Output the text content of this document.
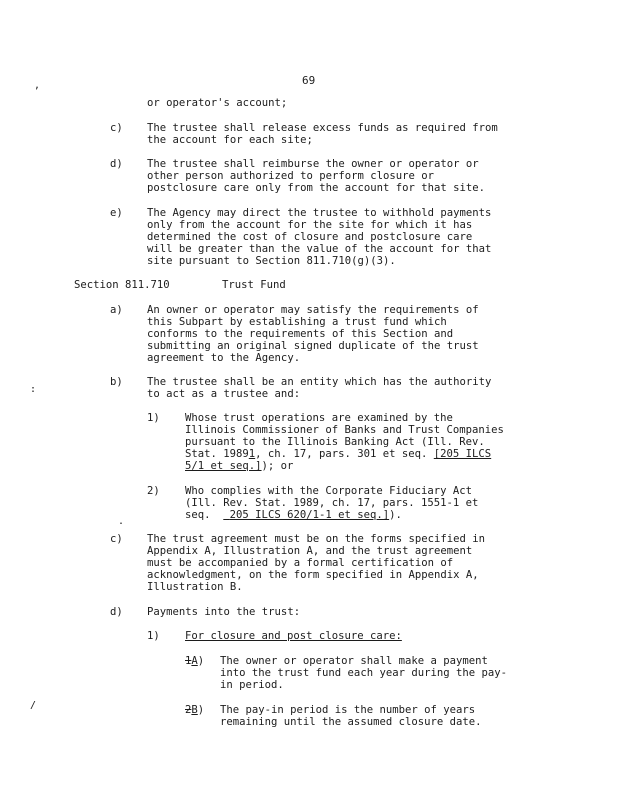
69
or operator's account;
c) The trustee shall release excess funds as required from
the account for each site;
d) The trustee shall reimburse the owner or operator or
other person authorized to perform closure or
postclosure care only from the account for that site.
e) The Agency may direct the trustee to withhold payments
only from the account for the site for which it has
determined the cost of closure and postclosure care
will be greater than the value of the account for that
site pursuant to Section 811.710(g)(3).
Section 811.710	Trust Fund
a) An owner or operator may satisfy the requirements of
this Subpart by establishing a trust fund which
conforms to the requirements of this Section and
submitting an original signed duplicate of the trust
agreement to the Agency.
b) The trustee shall be an entity which has the authority
to act as a trustee and:
1) Whose trust operations are examined by the
Illinois Commissioner of Banks and Trust Companies
pursuant to the Illinois Banking Act (Ill. Rev.
Stat. 19891, ch. 17, pars. 301 et seq. [205 ILCS
5/1 et seq.]); or
2) Who complies with the Corporate Fiduciary Act
(Ill. Rev. Stat. 1989, ch. 17, pars. 1551-1 et
seq. 205 ILCS 620/1-1 et seq.]).
c) The trust agreement must be on the forms specified in
Appendix A, Illustration A, and the trust agreement
must be accompanied by a formal certification of
acknowledgment, on the form specified in Appendix A,
Illustration B.
d) Payments into the trust:
1) For closure and post closure care:
1A) The owner or operator shall make a payment
into the trust fund each year during the pay-
in period.
2B) The pay-in period is the number of years
remaining until the assumed closure date.
,
:
.
/
